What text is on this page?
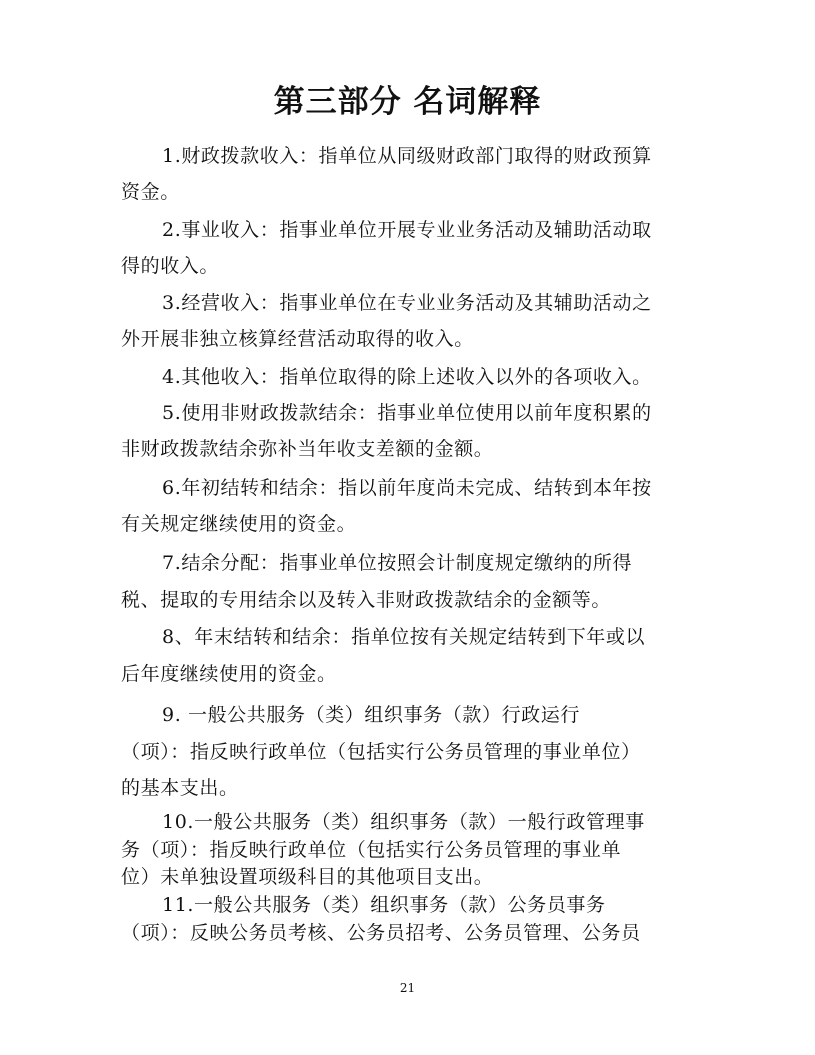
第三部分 名词解释
1.财政拨款收入：指单位从同级财政部门取得的财政预算
资金。
2.事业收入：指事业单位开展专业业务活动及辅助活动取
得的收入。
3.经营收入：指事业单位在专业业务活动及其辅助活动之
外开展非独立核算经营活动取得的收入。
4.其他收入：指单位取得的除上述收入以外的各项收入。
5.使用非财政拨款结余：指事业单位使用以前年度积累的
非财政拨款结余弥补当年收支差额的金额。
6.年初结转和结余：指以前年度尚未完成、结转到本年按
有关规定继续使用的资金。
7.结余分配：指事业单位按照会计制度规定缴纳的所得
税、提取的专用结余以及转入非财政拨款结余的金额等。
8、年末结转和结余：指单位按有关规定结转到下年或以
后年度继续使用的资金。
9. 一般公共服务（类）组织事务（款）行政运行
（项）：指反映行政单位（包括实行公务员管理的事业单位）
的基本支出。
10.一般公共服务（类）组织事务（款）一般行政管理事
务（项）：指反映行政单位（包括实行公务员管理的事业单
位）未单独设置项级科目的其他项目支出。
11.一般公共服务（类）组织事务（款）公务员事务
（项）：反映公务员考核、公务员招考、公务员管理、公务员
21
